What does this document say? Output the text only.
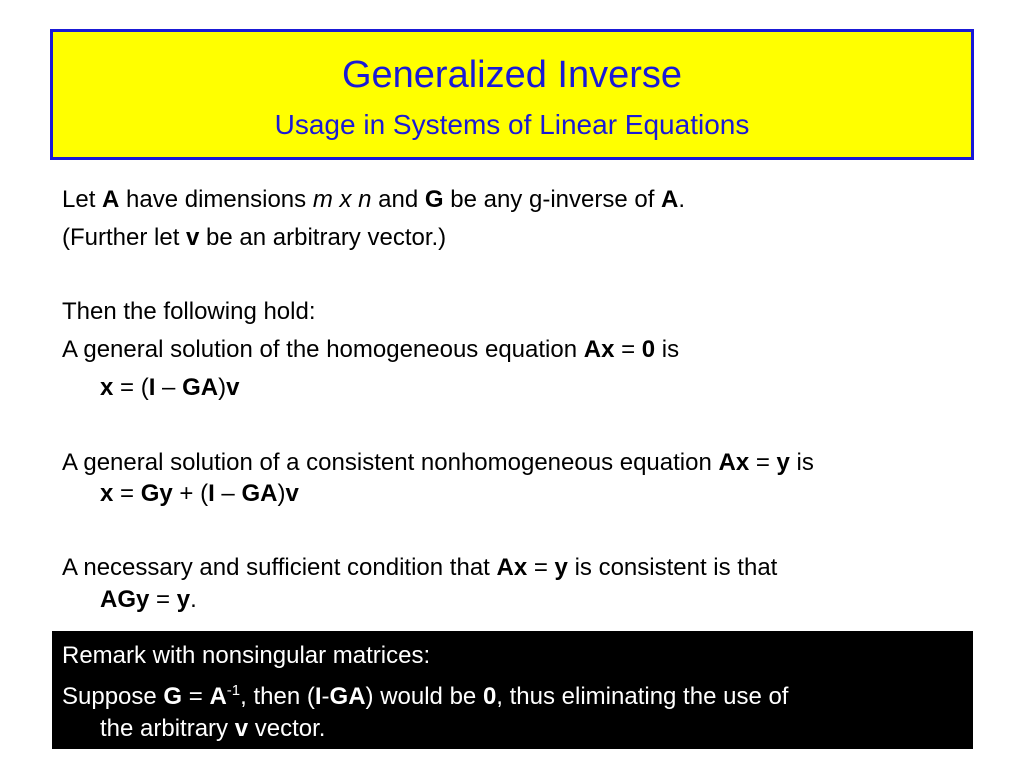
Generalized Inverse
Usage in Systems of Linear Equations
Let A have dimensions m x n and G be any g-inverse of A.
(Further let v be an arbitrary vector.)
Then the following hold:
A general solution of the homogeneous equation Ax = 0 is
x = (I – GA)v
A general solution of a consistent nonhomogeneous equation Ax = y is
x = Gy + (I – GA)v
A necessary and sufficient condition that Ax = y is consistent is that
AGy = y.
Remark with nonsingular matrices:
Suppose $G = A^{-1}$, then (I-GA) would be 0, thus eliminating the use of
the arbitrary v vector.
